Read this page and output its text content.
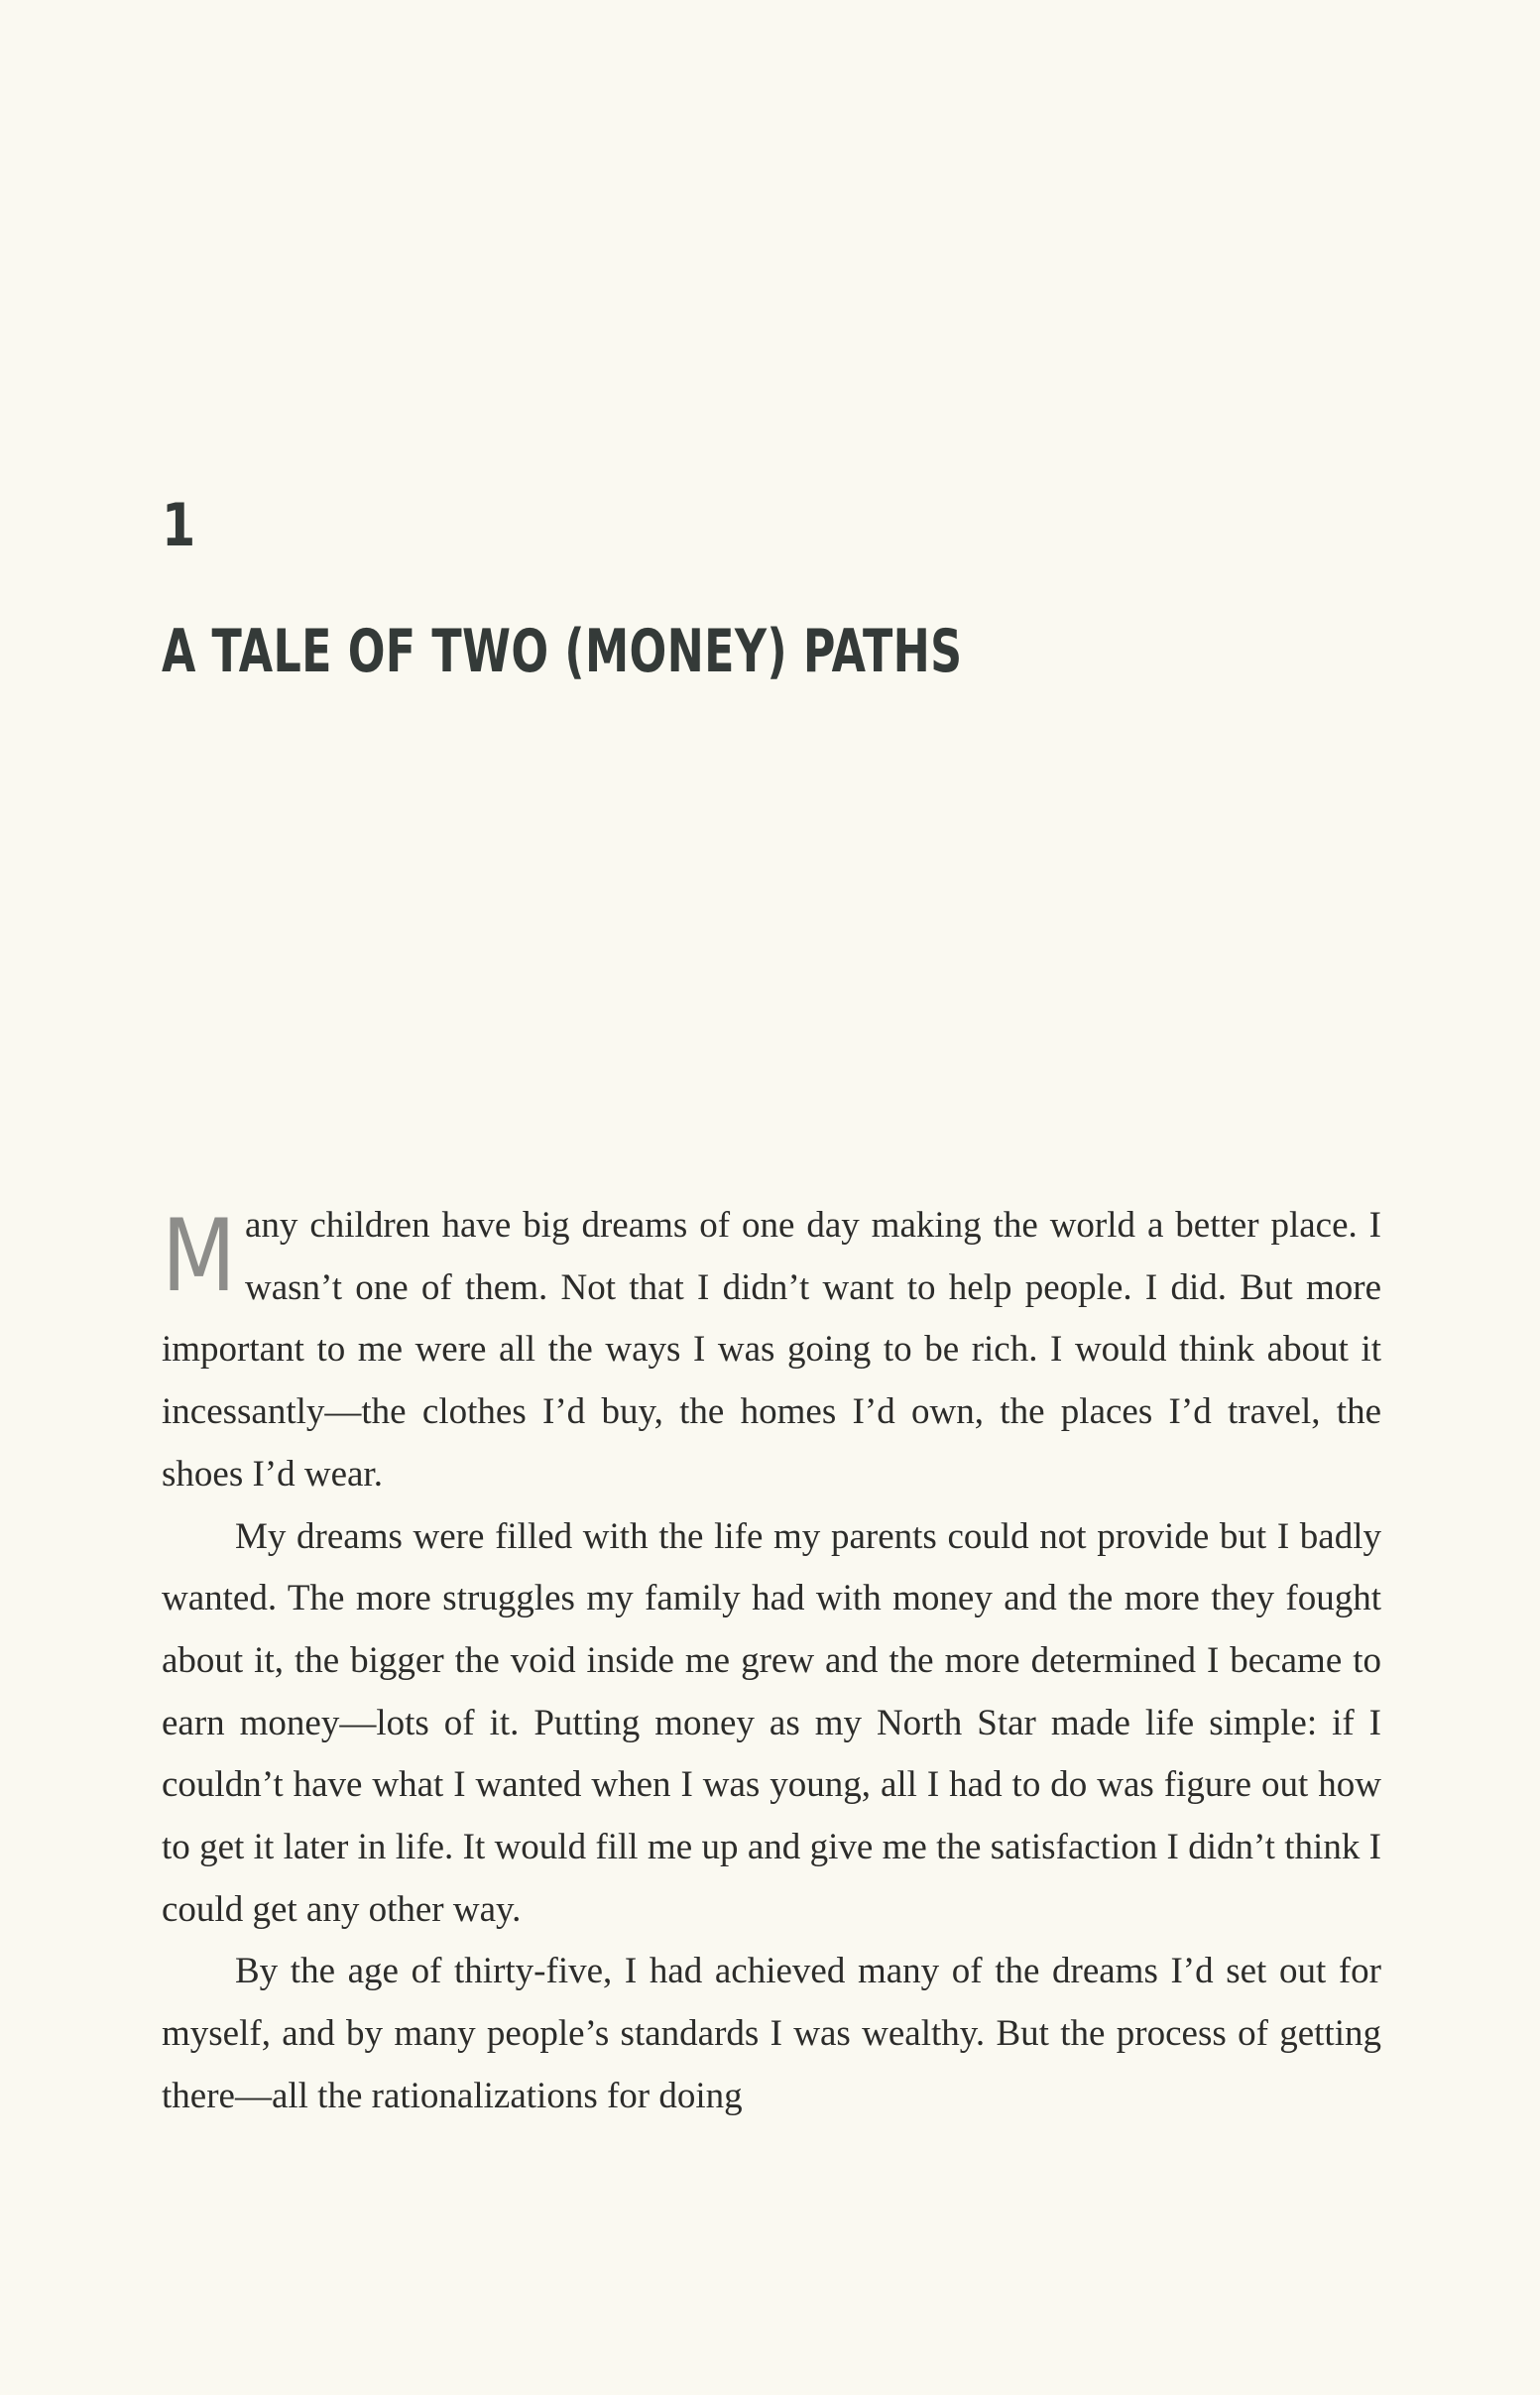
1
A TALE OF TWO (MONEY) PATHS

Many children have big dreams of one day making the world a better place. I wasn’t one of them. Not that I didn’t want to help people. I did. But more important to me were all the ways I was going to be rich. I would think about it incessantly—the clothes I’d buy, the homes I’d own, the places I’d travel, the shoes I’d wear.

My dreams were filled with the life my parents could not provide but I badly wanted. The more struggles my family had with money and the more they fought about it, the bigger the void inside me grew and the more determined I became to earn money—lots of it. Putting money as my North Star made life simple: if I couldn’t have what I wanted when I was young, all I had to do was figure out how to get it later in life. It would fill me up and give me the satisfaction I didn’t think I could get any other way.

By the age of thirty-five, I had achieved many of the dreams I’d set out for myself, and by many people’s standards I was wealthy. But the process of getting there—all the rationalizations for doing
